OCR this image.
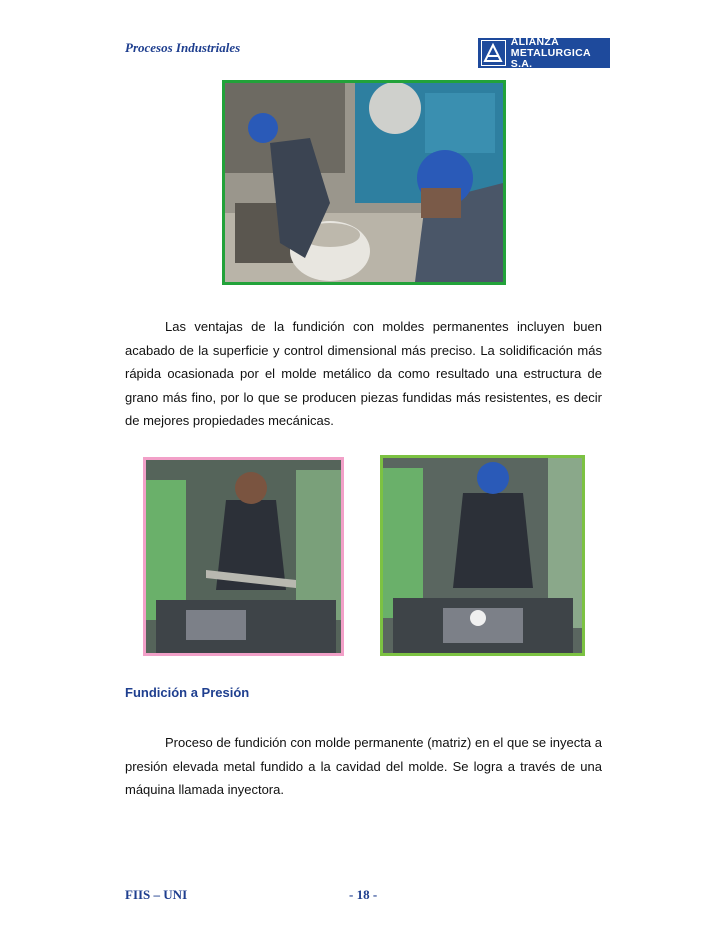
Procesos Industriales	ALIANZA
METALURGICA S.A.

Las ventajas de la fundición con moldes permanentes incluyen buen acabado de la superficie y control dimensional más preciso. La solidificación más rápida ocasionada por el molde metálico da como resultado una estructura de grano más fino, por lo que se producen piezas fundidas más resistentes, es decir de mejores propiedades mecánicas.

Fundición a Presión

Proceso de fundición con molde permanente (matriz) en el que se inyecta a presión elevada metal fundido a la cavidad del molde. Se logra a través de una máquina llamada inyectora.

FIIS – UNI	- 18 -
